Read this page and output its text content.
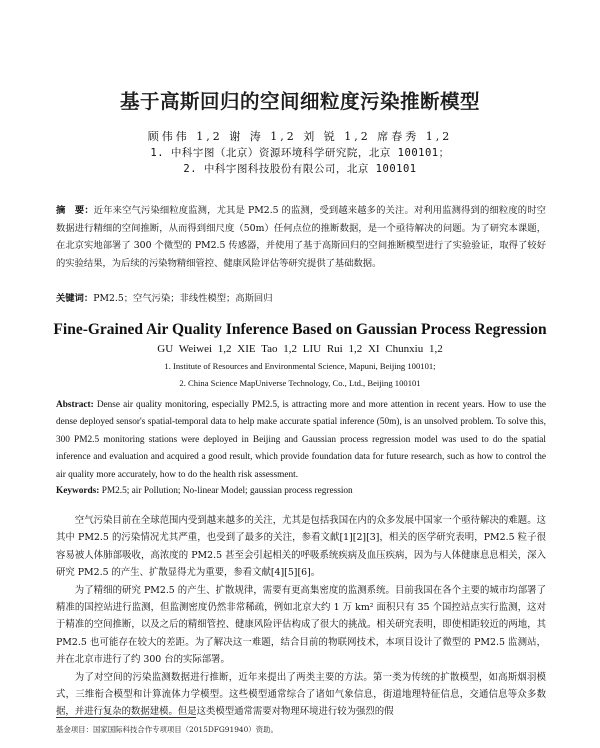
基于高斯回归的空间细粒度污染推断模型
顾伟伟 1,2 谢 涛 1,2 刘 锐 1,2 席春秀 1,2
1. 中科宇图（北京）资源环境科学研究院，北京 100101；
2. 中科宇图科技股份有限公司，北京 100101
摘　要：近年来空气污染细粒度监测，尤其是 PM2.5 的监测，受到越来越多的关注。对利用监测得到的细粒度的时空数据进行精细的空间推断，从而得到细尺度（50m）任何点位的推断数据，是一个亟待解决的问题。为了研究本课题，在北京实地部署了 300 个微型的 PM2.5 传感器，并使用了基于高斯回归的空间推断模型进行了实验验证，取得了较好的实验结果，为后续的污染物精细管控、健康风险评估等研究提供了基础数据。
关键词：PM2.5；空气污染；非线性模型；高斯回归
Fine-Grained Air Quality Inference Based on Gaussian Process Regression
GU Weiwei 1,2 XIE Tao 1,2 LIU Rui 1,2 XI Chunxiu 1,2
1. Institute of Resources and Environmental Science, Mapuni, Beijing 100101;
2. China Science MapUniverse Technology, Co., Ltd., Beijing 100101
Abstract: Dense air quality monitoring, especially PM2.5, is attracting more and more attention in recent years. How to use the dense deployed sensor's spatial-temporal data to help make accurate spatial inference (50m), is an unsolved problem. To solve this, 300 PM2.5 monitoring stations were deployed in Beijing and Gaussian process regression model was used to do the spatial inference and evaluation and acquired a good result, which provide foundation data for future research, such as how to control the air quality more accurately, how to do the health risk assessment.
Keywords: PM2.5; air Pollution; No-linear Model; gaussian process regression

空气污染目前在全球范围内受到越来越多的关注，尤其是包括我国在内的众多发展中国家一个亟待解决的难题。这其中 PM2.5 的污染情况尤其严重，也受到了最多的关注，参看文献[1][2][3]，相关的医学研究表明，PM2.5 粒子很容易被人体肺部吸收，高浓度的 PM2.5 甚至会引起相关的呼吸系统疾病及血压疾病，因为与人体健康息息相关，深入研究 PM2.5 的产生、扩散显得尤为重要，参看文献[4][5][6]。

为了精细的研究 PM2.5 的产生、扩散规律，需要有更高集密度的监测系统。目前我国在各个主要的城市均部署了精准的国控站进行监测，但监测密度仍然非常稀疏，例如北京大约 1 万 km² 面积只有 35 个国控站点实行监测，这对于精准的空间推断，以及之后的精细管控、健康风险评估构成了很大的挑战。相关研究表明，即使相距较近的两地，其 PM2.5 也可能存在较大的差距。为了解决这一难题，结合目前的物联网技术，本项目设计了微型的 PM2.5 监测站，并在北京市进行了约 300 台的实际部署。

为了对空间的污染监测数据进行推断，近年来提出了两类主要的方法。第一类为传统的扩散模型，如高斯烟羽模式，三维衔合模型和计算流体力学模型。这些模型通常综合了诸如气象信息，街道地理特征信息，交通信息等众多数据，并进行复杂的数据建模。但是这类模型通常需要对物理环境进行较为强烈的假

基金项目：国家国际科技合作专项项目（2015DFG91940）资助。
